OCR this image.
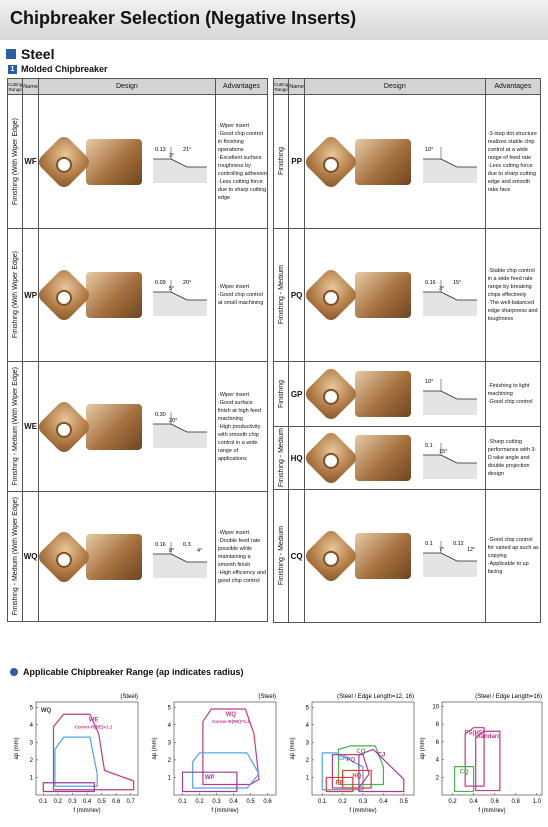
Chipbreaker Selection (Negative Inserts)
Steel
1 Molded Chipbreaker
Cutting Range	Name	Design	Advantages

Finishing (With Wiper Edge)	WF	0.13
3°
21°	·Wiper insert
·Good chip control in finishing operations
·Excellent surface roughness by controlling adhesion
·Less cutting force due to sharp cutting edge

Finishing (With Wiper Edge)	WP	0.09
5°
20°	·Wiper insert
·Good chip control at small machining

Finishing - Medium (With Wiper Edge)	WE	0.30
20°	·Wiper insert
·Good surface finish at high feed machining
·High productivity with smooth chip control in a wide range of applications

Finishing - Medium (With Wiper Edge)	WQ	0.16
8°
0.3
4°	·Wiper insert
·Double feed rate possible while maintaining a smooth finish
·High efficiency and good chip control
Cutting Range	Name	Design	Advantages

Finishing	PP	10°	·3-step dot structure realizes stable chip control at a wide range of feed rate
·Less cutting force due to sharp cutting edge and smooth rake face

Finishing - Medium	PQ	0.16
3°
15°	·Stable chip control in a wide feed rate range by breaking chips effectively
·The well-balanced edge sharpness and toughness

Finishing	GP	10°	·Finishing to light machining
·Good chip control

Finishing - Medium	HQ	0.1
15°	·Sharp cutting performance with 3-D rake angle and double projection design

Finishing - Medium	CQ	0.1
7°
0.12
12°	·Good chip control for varied ap such as copying
·Applicable to up facing
Applicable Chipbreaker Range (ap indicates radius)
(Steel)
0.1 0.2 0.3 0.4 0.5 0.6 0.7
1
2
3
4
5
f (mm/rev)
ap (mm)
WE
Corner-R(RE)=1.2
WQ
(Steel)
0.1 0.2 0.3 0.4 0.5 0.6
1
2
3
4
5
f (mm/rev)
ap (mm)
WQ
Corner-R(RE)=1.2
WP
(Steel / Edge Length=12, 16)
0.1 0.2 0.3 0.4 0.5
1
2
3
4
5
f (mm/rev)
ap (mm)	GP PQ
CQ
CJ
PP
HQ
(Steel / Edge Length=16)
0.2 0.4 0.6 0.8 1.0
2
4
6
8
10
f (mm/rev)
ap (mm)
PS(HS)
Standard
CQ
